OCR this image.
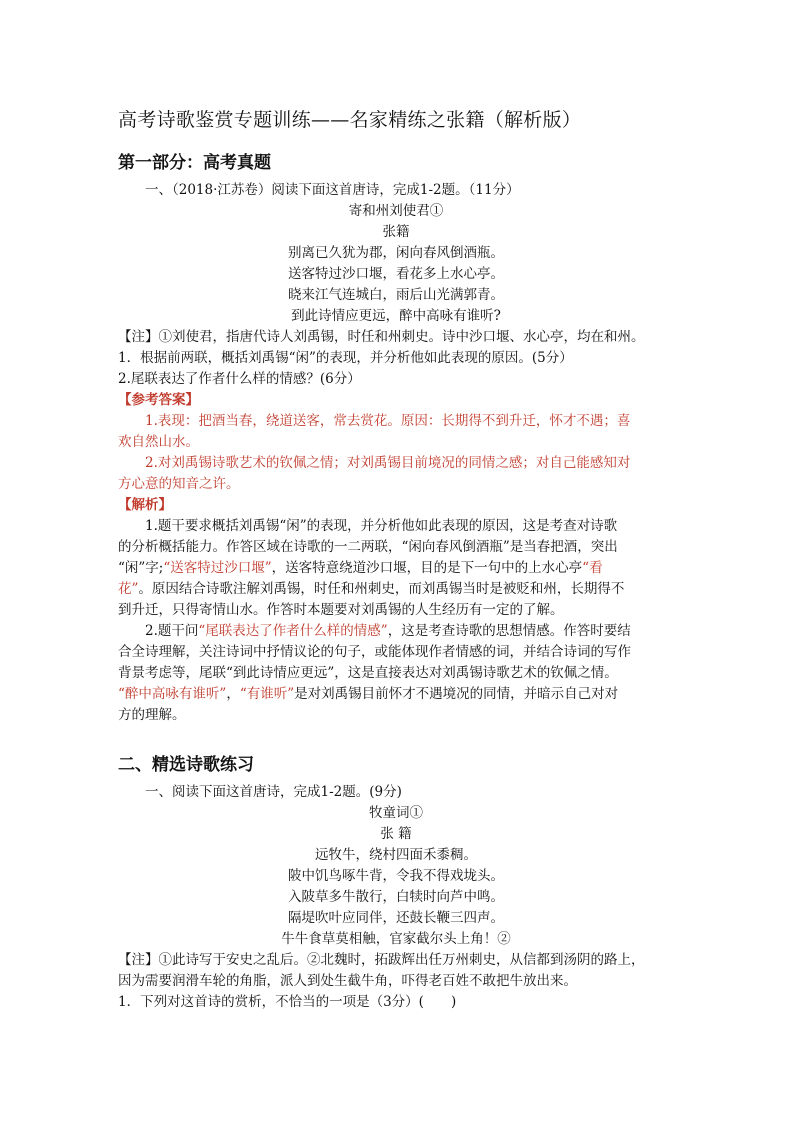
高考诗歌鉴赏专题训练——名家精练之张籍（解析版）
第一部分：高考真题
一、（2018·江苏卷）阅读下面这首唐诗，完成1-2题。（11分）
寄和州刘使君①
张籍
别离已久犹为郡，闲向春风倒酒瓶。
送客特过沙口堰，看花多上水心亭。
晓来江气连城白，雨后山光满郭青。
到此诗情应更远，醉中高咏有谁听?
【注】①刘使君，指唐代诗人刘禹锡，时任和州刺史。诗中沙口堰、水心亭，均在和州。
1．根据前两联，概括刘禹锡“闲”的表现，并分析他如此表现的原因。(5分）
2.尾联表达了作者什么样的情感？(6分）
【参考答案】
1.表现：把酒当春，绕道送客，常去赏花。原因：长期得不到升迁，怀才不遇；喜
欢自然山水。
2.对刘禹锡诗歌艺术的钦佩之情；对刘禹锡目前境况的同情之感；对自己能感知对
方心意的知音之许。
【解析】
1.题干要求概括刘禹锡“闲”的表现，并分析他如此表现的原因，这是考查对诗歌
的分析概括能力。作答区域在诗歌的一二两联，“闲向春风倒酒瓶”是当春把酒，突出
“闲”字;“送客特过沙口堰”，送客特意绕道沙口堰，目的是下一句中的上水心亭“看
花”。原因结合诗歌注解刘禹锡，时任和州刺史，而刘禹锡当时是被贬和州，长期得不
到升迁，只得寄情山水。作答时本题要对刘禹锡的人生经历有一定的了解。
2.题干问“尾联表达了作者什么样的情感”，这是考查诗歌的思想情感。作答时要结
合全诗理解，关注诗词中抒情议论的句子，或能体现作者情感的词，并结合诗词的写作
背景考虑等，尾联“到此诗情应更远”，这是直接表达对刘禹锡诗歌艺术的钦佩之情。
“醉中高咏有谁听”，“有谁听”是对刘禹锡目前怀才不遇境况的同情，并暗示自己对对
方的理解。
二、精选诗歌练习
一、阅读下面这首唐诗，完成1-2题。(9分)
牧童词①
张 籍
远牧牛，绕村四面禾黍稠。
陂中饥鸟啄牛背，令我不得戏垅头。
入陂草多牛散行，白犊时向芦中鸣。
隔堤吹叶应同伴，还鼓长鞭三四声。
牛牛食草莫相触，官家截尔头上角！②
【注】①此诗写于安史之乱后。②北魏时，拓跋辉出任万州刺史，从信都到汤阴的路上，
因为需要润滑车轮的角脂，派人到处生截牛角，吓得老百姓不敢把牛放出来。
1．下列对这首诗的赏析，不恰当的一项是（3分）(　　)
